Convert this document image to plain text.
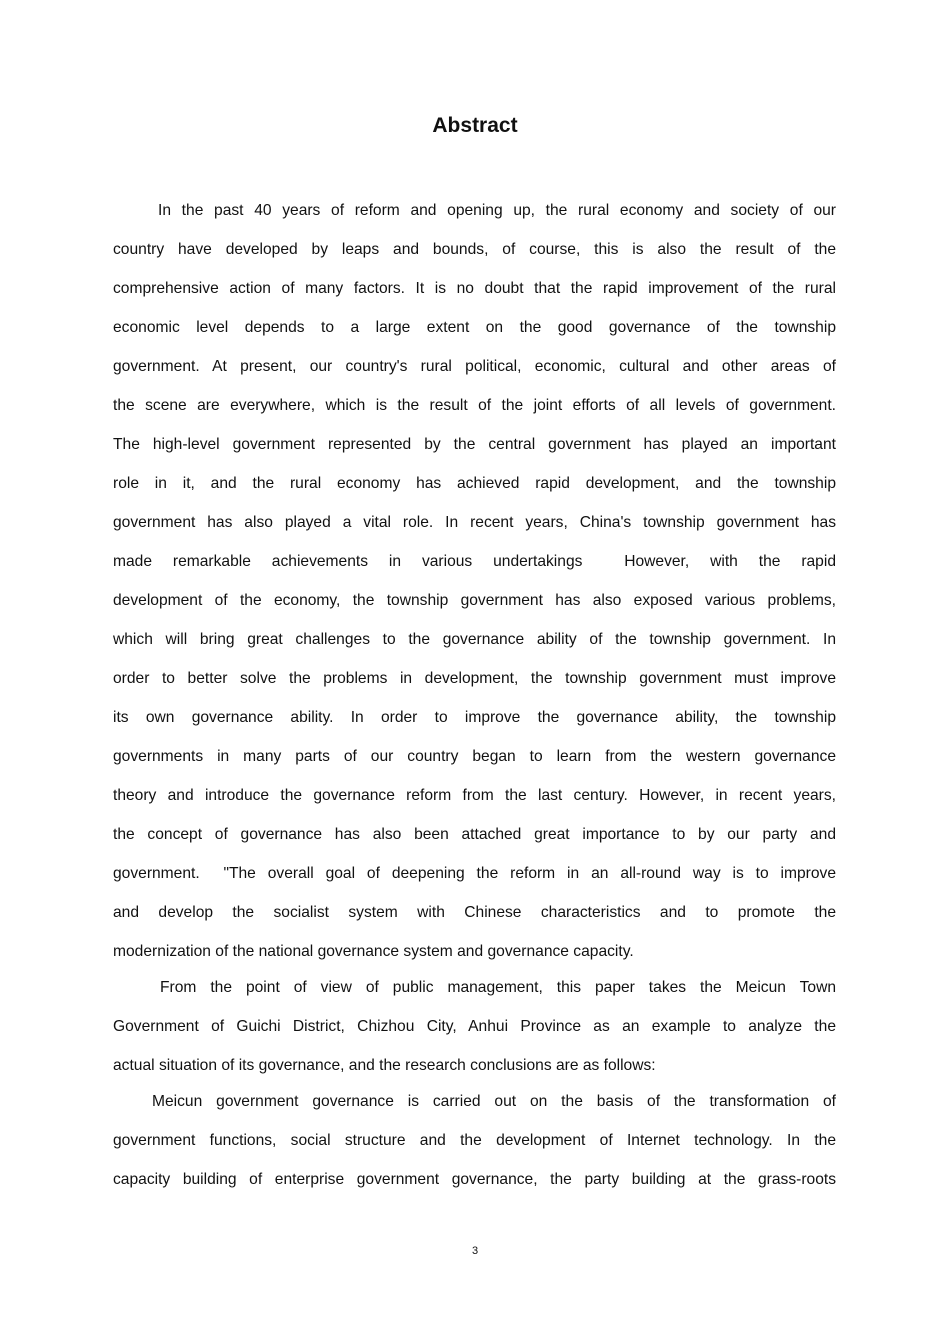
Abstract
In the past 40 years of reform and opening up, the rural economy and society of our
country have developed by leaps and bounds, of course, this is also the result of the
comprehensive action of many factors. It is no doubt that the rapid improvement of the rural
economic level depends to a large extent on the good governance of the township
government. At present, our country's rural political, economic, cultural and other areas of
the scene are everywhere, which is the result of the joint efforts of all levels of government.
The high-level government represented by the central government has played an important
role in it, and the rural economy has achieved rapid development, and the township
government has also played a vital role. In recent years, China's township government has
made remarkable achievements in various undertakings  However, with the rapid
development of the economy, the township government has also exposed various problems,
which will bring great challenges to the governance ability of the township government. In
order to better solve the problems in development, the township government must improve
its own governance ability. In order to improve the governance ability, the township
governments in many parts of our country began to learn from the western governance
theory and introduce the governance reform from the last century. However, in recent years,
the concept of governance has also been attached great importance to by our party and
government.  "The overall goal of deepening the reform in an all-round way is to improve
and develop the socialist system with Chinese characteristics and to promote the
modernization of the national governance system and governance capacity.
From the point of view of public management, this paper takes the Meicun Town
Government of Guichi District, Chizhou City, Anhui Province as an example to analyze the
actual situation of its governance, and the research conclusions are as follows:
Meicun government governance is carried out on the basis of the transformation of
government functions, social structure and the development of Internet technology. In the
capacity building of enterprise government governance, the party building at the grass-roots
3
